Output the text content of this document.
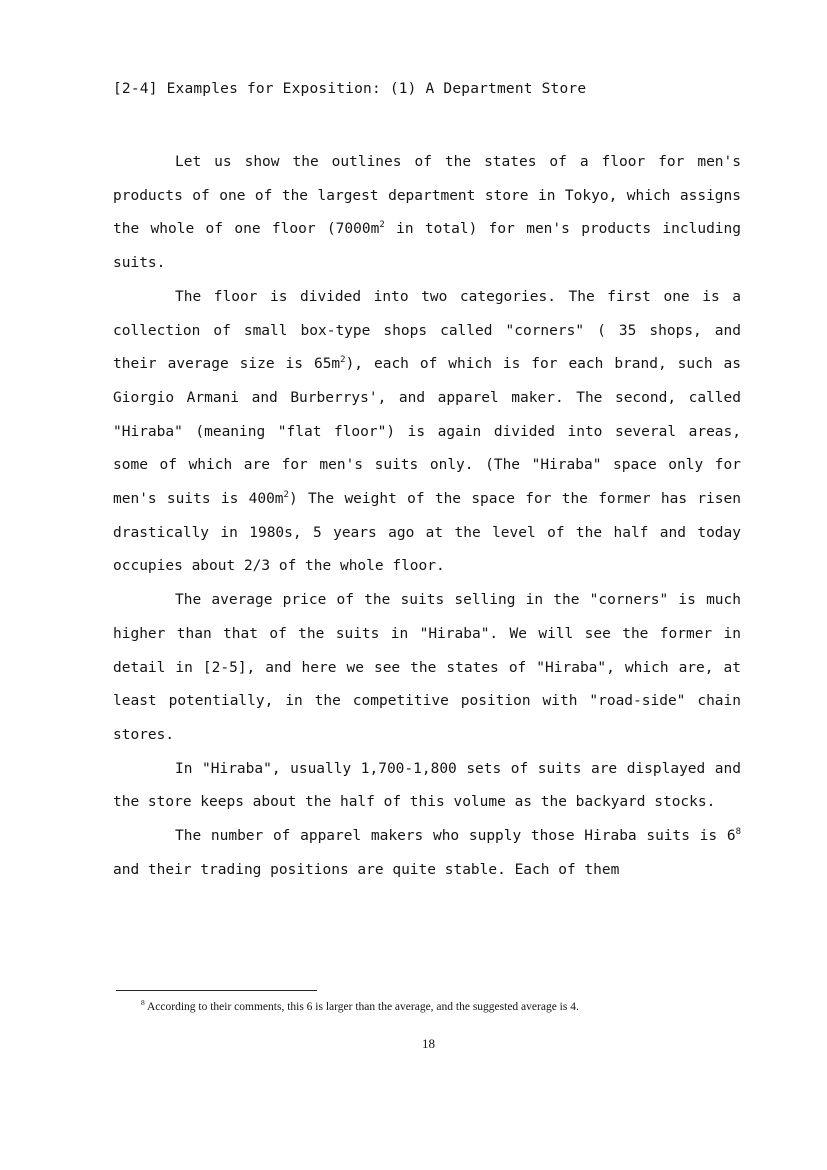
[2-4] Examples for Exposition: (1) A Department Store

Let us show the outlines of the states of a floor for men's products of one of the largest department store in Tokyo, which assigns the whole of one floor ($7000m^2$ in total) for men's products including suits.

The floor is divided into two categories. The first one is a collection of small box-type shops called "corners" ( 35 shops, and their average size is $65m^2$), each of which is for each brand, such as Giorgio Armani and Burberrys', and apparel maker. The second, called "Hiraba" (meaning "flat floor") is again divided into several areas, some of which are for men's suits only. (The "Hiraba" space only for men's suits is $400m^2$) The weight of the space for the former has risen drastically in 1980s, 5 years ago at the level of the half and today occupies about 2/3 of the whole floor.

The average price of the suits selling in the "corners" is much higher than that of the suits in "Hiraba". We will see the former in detail in [2-5], and here we see the states of "Hiraba", which are, at least potentially, in the competitive position with "road-side" chain stores.

In "Hiraba", usually 1,700-1,800 sets of suits are displayed and the store keeps about the half of this volume as the backyard stocks.

The number of apparel makers who supply those Hiraba suits is $6^8$ and their trading positions are quite stable. Each of them

$^8$ According to their comments, this 6 is larger than the average, and the suggested average is 4.
18
